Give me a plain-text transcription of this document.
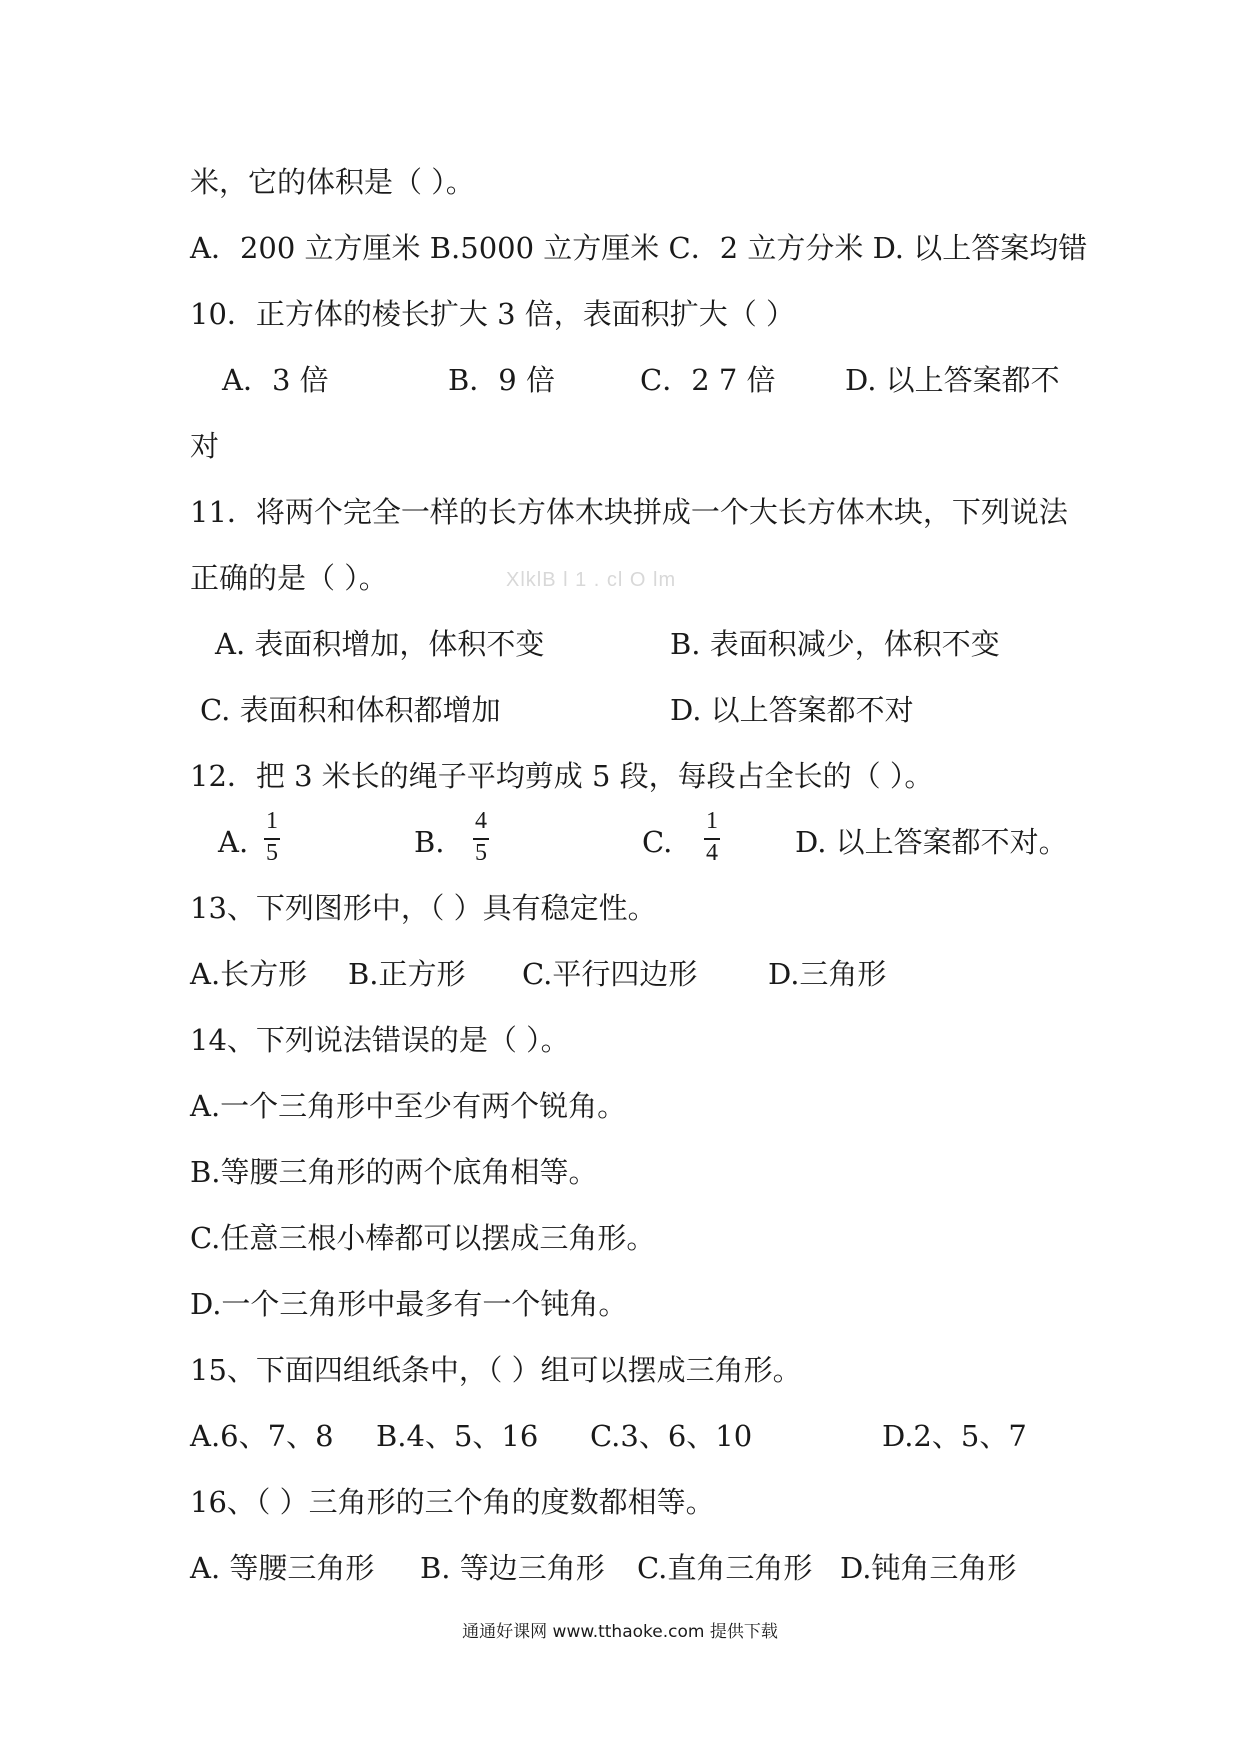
米，它的体积是（ ）。
A．200 立方厘米 B.5000 立方厘米 C．2 立方分米 D. 以上答案均错
10．正方体的棱长扩大 3 倍，表面积扩大（ ）
A．3 倍	B．9 倍	C．2 7 倍 D. 以上答案都不
对
11．将两个完全一样的长方体木块拼成一个大长方体木块，下列说法
正确的是（ ）。	XlklB l 1 . cl O lm
A. 表面积增加，体积不变	B. 表面积减少，体积不变
C. 表面积和体积都增加	D. 以上答案都不对
12．把 3 米长的绳子平均剪成 5 段，每段占全长的（ ）。
A.
1
5	B.
4
5	C.
1
4	D. 以上答案都不对。
13、下列图形中，（ ）具有稳定性。
A.长方形 B.正方形 C.平行四边形 D.三角形
14、下列说法错误的是（ ）。
A.一个三角形中至少有两个锐角。
B.等腰三角形的两个底角相等。
C.任意三根小棒都可以摆成三角形。
D.一个三角形中最多有一个钝角。
15、下面四组纸条中，（ ）组可以摆成三角形。
A.6、7、8 B.4、5、16 C.3、6、10	D.2、5、7
16、（ ）三角形的三个角的度数都相等。
A. 等腰三角形 B. 等边三角形 C.直角三角形 D.钝角三角形
通通好课网 www.tthaoke.com 提供下载
